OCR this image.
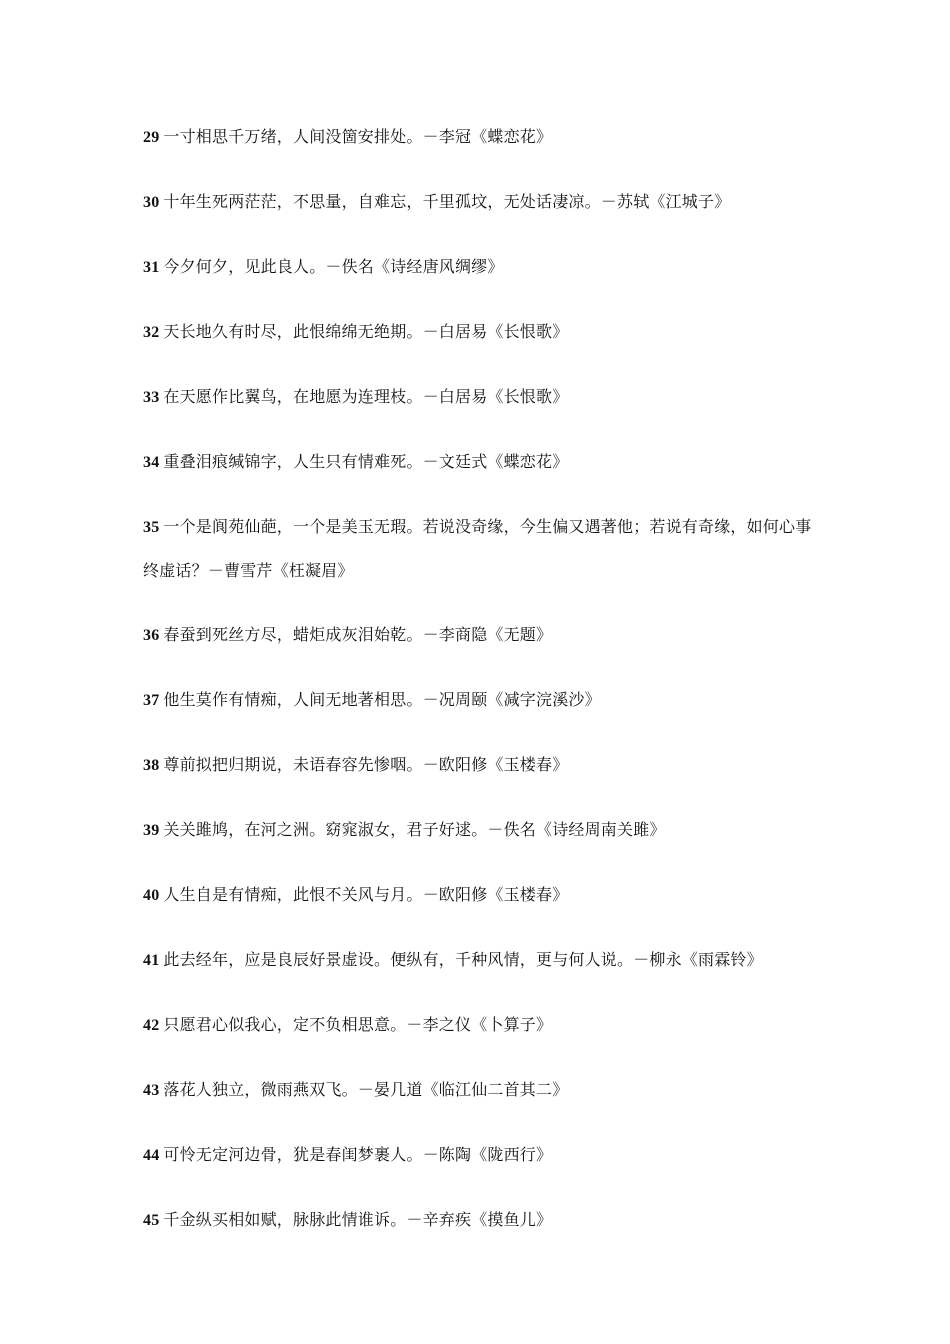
29 一寸相思千万绪，人间没箇安排处。－李冠《蝶恋花》
30 十年生死两茫茫，不思量，自难忘，千里孤坟，无处话凄凉。－苏轼《江城子》
31 今夕何夕，见此良人。－佚名《诗经唐风绸缪》
32 天长地久有时尽，此恨绵绵无绝期。－白居易《长恨歌》
33 在天愿作比翼鸟，在地愿为连理枝。－白居易《长恨歌》
34 重叠泪痕缄锦字，人生只有情难死。－文廷式《蝶恋花》
35 一个是阆苑仙葩，一个是美玉无瑕。若说没奇缘，今生偏又遇著他；若说有奇缘，如何心事终虚话？－曹雪芹《枉凝眉》
36 春蚕到死丝方尽，蜡炬成灰泪始乾。－李商隐《无题》
37 他生莫作有情痴，人间无地著相思。－况周颐《减字浣溪沙》
38 尊前拟把归期说，未语春容先惨咽。－欧阳修《玉楼春》
39 关关雎鸠，在河之洲。窈窕淑女，君子好逑。－佚名《诗经周南关雎》
40 人生自是有情痴，此恨不关风与月。－欧阳修《玉楼春》
41 此去经年，应是良辰好景虚设。便纵有，千种风情，更与何人说。－柳永《雨霖铃》
42 只愿君心似我心，定不负相思意。－李之仪《卜算子》
43 落花人独立，微雨燕双飞。－晏几道《临江仙二首其二》
44 可怜无定河边骨，犹是春闺梦裹人。－陈陶《陇西行》
45 千金纵买相如赋，脉脉此情谁诉。－辛弃疾《摸鱼儿》
